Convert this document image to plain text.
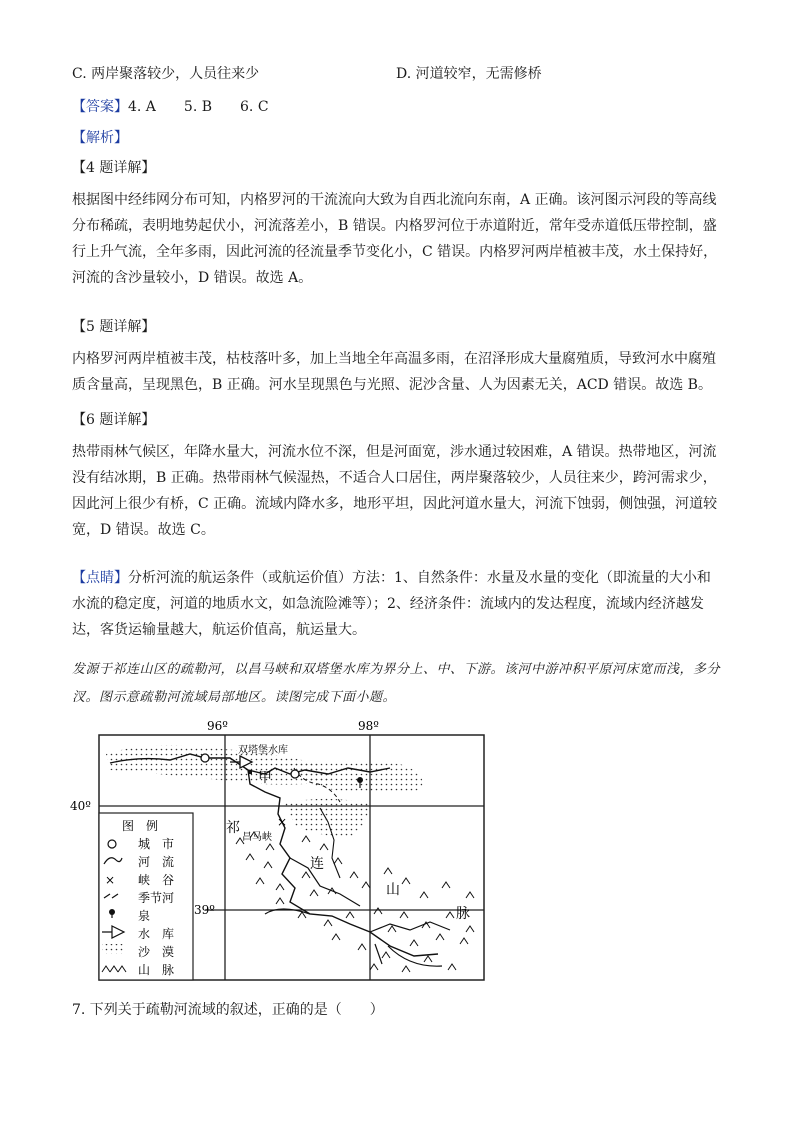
C. 两岸聚落较少，人员往来少	D. 河道较窄，无需修桥
【答案】4. A　　5. B　　6. C
【解析】
【4 题详解】
根据图中经纬网分布可知，内格罗河的干流流向大致为自西北流向东南，A 正确。该河图示河段的等高线分布稀疏，表明地势起伏小，河流落差小，B 错误。内格罗河位于赤道附近，常年受赤道低压带控制，盛行上升气流，全年多雨，因此河流的径流量季节变化小，C 错误。内格罗河两岸植被丰茂，水土保持好，河流的含沙量较小，D 错误。故选 A。
【5 题详解】
内格罗河两岸植被丰茂，枯枝落叶多，加上当地全年高温多雨，在沼泽形成大量腐殖质，导致河水中腐殖质含量高，呈现黑色，B 正确。河水呈现黑色与光照、泥沙含量、人为因素无关，ACD 错误。故选 B。
【6 题详解】
热带雨林气候区，年降水量大，河流水位不深，但是河面宽，涉水通过较困难，A 错误。热带地区，河流没有结冰期，B 正确。热带雨林气候湿热，不适合人口居住，两岸聚落较少，人员往来少，跨河需求少，因此河上很少有桥，C 正确。流域内降水多，地形平坦，因此河道水量大，河流下蚀弱，侧蚀强，河道较宽，D 错误。故选 C。
【点睛】分析河流的航运条件（或航运价值）方法：1、自然条件：水量及水量的变化（即流量的大小和水流的稳定度，河道的地质水文，如急流险滩等）；2、经济条件：流域内的发达程度，流域内经济越发达，客货运输量越大，航运价值高，航运量大。
发源于祁连山区的疏勒河，以昌马峡和双塔堡水库为界分上、中、下游。该河中游冲积平原河床宽而浅，多分汊。图示意疏勒河流域局部地区。读图完成下面小题。
96º	98º
40º
39º
双塔堡水库
甲
昌马峡
×
祁
连
山
脉
图　例
×
城　市
河　流
峡　谷
季节河
泉
水　库
沙　漠
山　脉
7. 下列关于疏勒河流域的叙述，正确的是（　　）
